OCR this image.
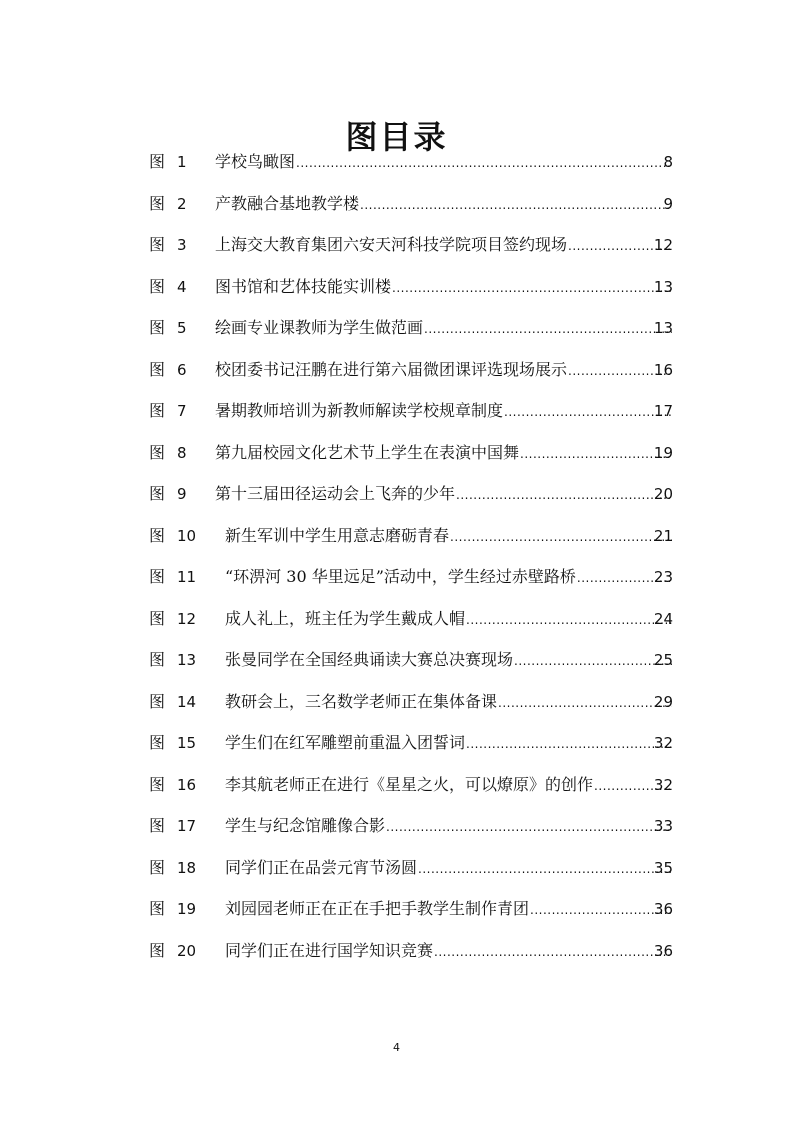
图目录
图 1 学校鸟瞰图 .....	8
图 2 产教融合基地教学楼 .....	9
图 3 上海交大教育集团六安天河科技学院项目签约现场 .....	12
图 4 图书馆和艺体技能实训楼 .....	13
图 5 绘画专业课教师为学生做范画 .....	13
图 6 校团委书记汪鹏在进行第六届微团课评选现场展示 .....	16
图 7 暑期教师培训为新教师解读学校规章制度 .....	17
图 8 第九届校园文化艺术节上学生在表演中国舞 .....	19
图 9 第十三届田径运动会上飞奔的少年 .....	20
图 10 新生军训中学生用意志磨砺青春 .....	21
图 11 “环淠河 30 华里远足”活动中，学生经过赤壁路桥 .....	23
图 12 成人礼上，班主任为学生戴成人帽 .....	24
图 13 张曼同学在全国经典诵读大赛总决赛现场 .....	25
图 14 教研会上，三名数学老师正在集体备课 .....	29
图 15 学生们在红军雕塑前重温入团誓词 .....	32
图 16 李其航老师正在进行《星星之火，可以燎原》的创作 .....	32
图 17 学生与纪念馆雕像合影 .....	33
图 18 同学们正在品尝元宵节汤圆 .....	35
图 19 刘园园老师正在正在手把手教学生制作青团 .....	36
图 20 同学们正在进行国学知识竞赛 .....	36
4
